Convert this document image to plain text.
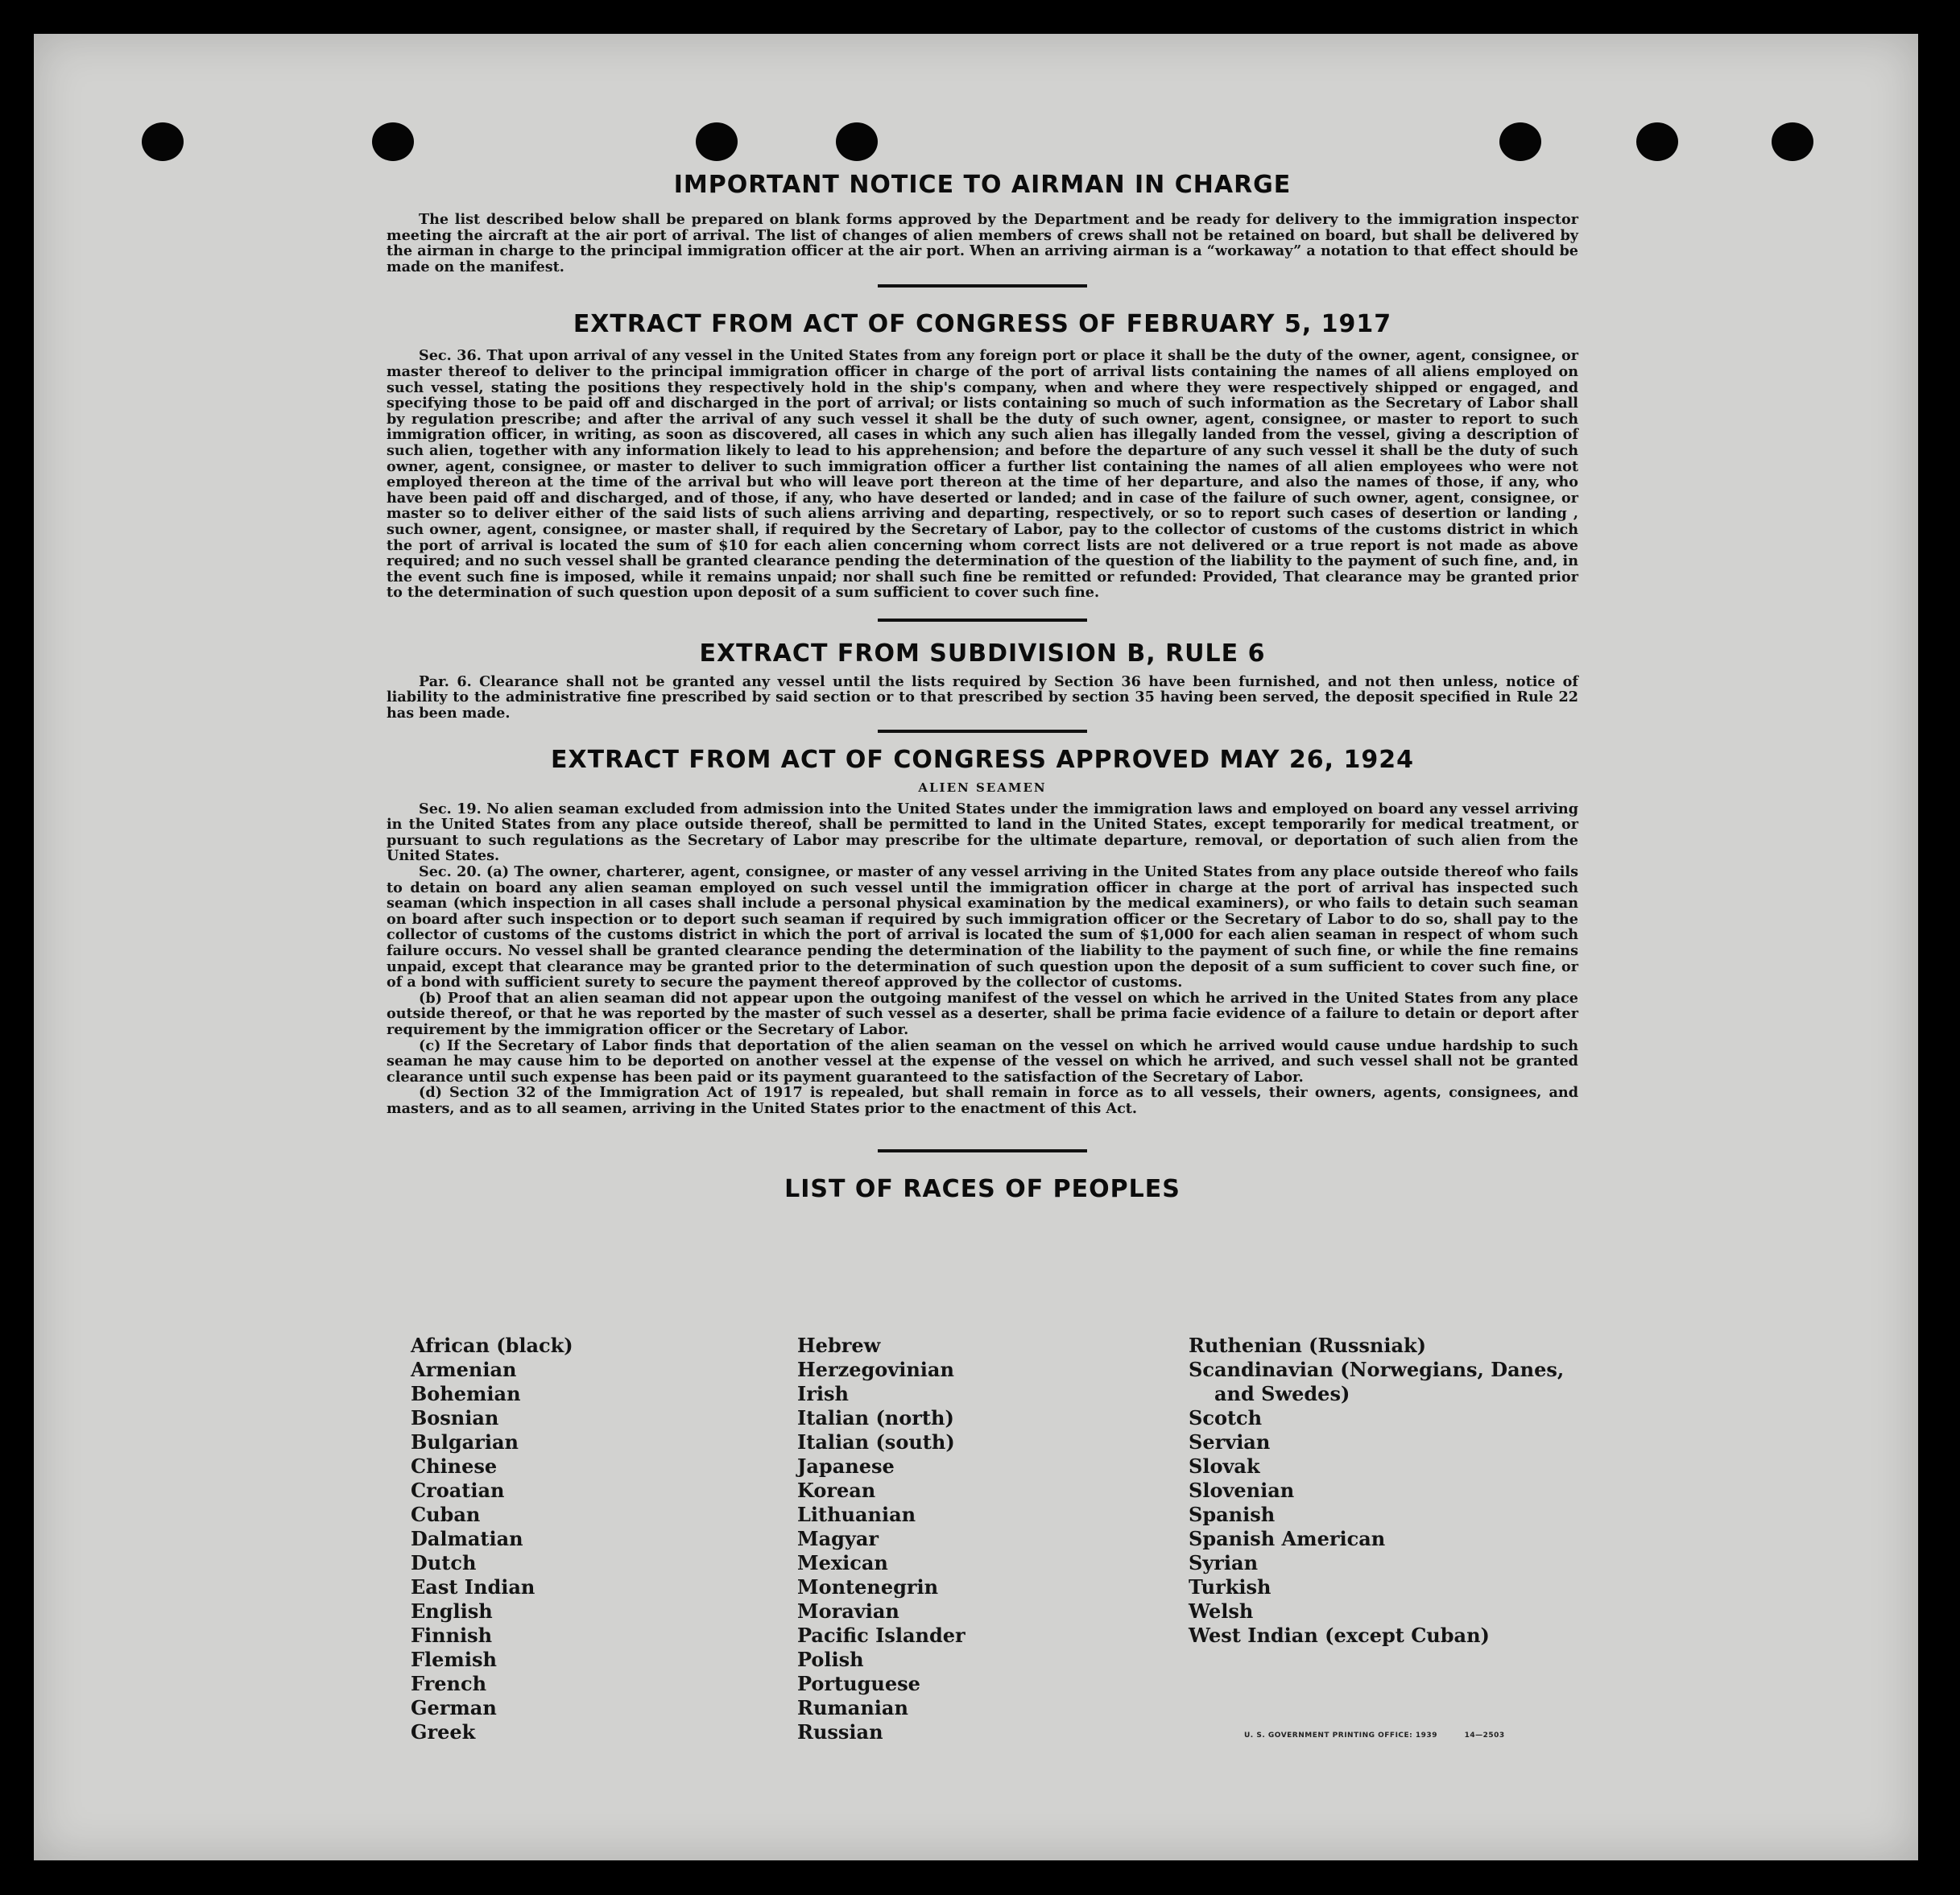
IMPORTANT NOTICE TO AIRMAN IN CHARGE

The list described below shall be prepared on blank forms approved by the Department and be ready for delivery to the immigration inspector meeting the aircraft at the air port of arrival. The list of changes of alien members of crews shall not be retained on board, but shall be delivered by the airman in charge to the principal immigration officer at the air port. When an arriving airman is a “workaway” a notation to that effect should be made on the manifest.

EXTRACT FROM ACT OF CONGRESS OF FEBRUARY 5, 1917

Sec. 36. That upon arrival of any vessel in the United States from any foreign port or place it shall be the duty of the owner, agent, consignee, or master thereof to deliver to the principal immigration officer in charge of the port of arrival lists containing the names of all aliens employed on such vessel, stating the positions they respectively hold in the ship's company, when and where they were respectively shipped or engaged, and specifying those to be paid off and discharged in the port of arrival; or lists containing so much of such information as the Secretary of Labor shall by regulation prescribe; and after the arrival of any such vessel it shall be the duty of such owner, agent, consignee, or master to report to such immigration officer, in writing, as soon as discovered, all cases in which any such alien has illegally landed from the vessel, giving a description of such alien, together with any information likely to lead to his apprehension; and before the departure of any such vessel it shall be the duty of such owner, agent, consignee, or master to deliver to such immigration officer a further list containing the names of all alien employees who were not employed thereon at the time of the arrival but who will leave port thereon at the time of her departure, and also the names of those, if any, who have been paid off and discharged, and of those, if any, who have deserted or landed; and in case of the failure of such owner, agent, consignee, or master so to deliver either of the said lists of such aliens arriving and departing, respectively, or so to report such cases of desertion or landing , such owner, agent, consignee, or master shall, if required by the Secretary of Labor, pay to the collector of customs of the customs district in which the port of arrival is located the sum of $10 for each alien concerning whom correct lists are not delivered or a true report is not made as above required; and no such vessel shall be granted clearance pending the determination of the question of the liability to the payment of such fine, and, in the event such fine is imposed, while it remains unpaid; nor shall such fine be remitted or refunded: Provided, That clearance may be granted prior to the determination of such question upon deposit of a sum sufficient to cover such fine.

EXTRACT FROM SUBDIVISION B, RULE 6

Par. 6. Clearance shall not be granted any vessel until the lists required by Section 36 have been furnished, and not then unless, notice of liability to the administrative fine prescribed by said section or to that prescribed by section 35 having been served, the deposit specified in Rule 22 has been made.

EXTRACT FROM ACT OF CONGRESS APPROVED MAY 26, 1924
ALIEN SEAMEN

Sec. 19. No alien seaman excluded from admission into the United States under the immigration laws and employed on board any vessel arriving in the United States from any place outside thereof, shall be permitted to land in the United States, except temporarily for medical treatment, or pursuant to such regulations as the Secretary of Labor may prescribe for the ultimate departure, removal, or deportation of such alien from the United States.

Sec. 20. (a) The owner, charterer, agent, consignee, or master of any vessel arriving in the United States from any place outside thereof who fails to detain on board any alien seaman employed on such vessel until the immigration officer in charge at the port of arrival has inspected such seaman (which inspection in all cases shall include a personal physical examination by the medical examiners), or who fails to detain such seaman on board after such inspection or to deport such seaman if required by such immigration officer or the Secretary of Labor to do so, shall pay to the collector of customs of the customs district in which the port of arrival is located the sum of $1,000 for each alien seaman in respect of whom such failure occurs. No vessel shall be granted clearance pending the determination of the liability to the payment of such fine, or while the fine remains unpaid, except that clearance may be granted prior to the determination of such question upon the deposit of a sum sufficient to cover such fine, or of a bond with sufficient surety to secure the payment thereof approved by the collector of customs.

(b) Proof that an alien seaman did not appear upon the outgoing manifest of the vessel on which he arrived in the United States from any place outside thereof, or that he was reported by the master of such vessel as a deserter, shall be prima facie evidence of a failure to detain or deport after requirement by the immigration officer or the Secretary of Labor.

(c) If the Secretary of Labor finds that deportation of the alien seaman on the vessel on which he arrived would cause undue hardship to such seaman he may cause him to be deported on another vessel at the expense of the vessel on which he arrived, and such vessel shall not be granted clearance until such expense has been paid or its payment guaranteed to the satisfaction of the Secretary of Labor.

(d) Section 32 of the Immigration Act of 1917 is repealed, but shall remain in force as to all vessels, their owners, agents, consignees, and masters, and as to all seamen, arriving in the United States prior to the enactment of this Act.

LIST OF RACES OF PEOPLES
African (black)
Armenian
Bohemian
Bosnian
Bulgarian
Chinese
Croatian
Cuban
Dalmatian
Dutch
East Indian
English
Finnish
Flemish
French
German
Greek
Hebrew
Herzegovinian
Irish
Italian (north)
Italian (south)
Japanese
Korean
Lithuanian
Magyar
Mexican
Montenegrin
Moravian
Pacific Islander
Polish
Portuguese
Rumanian
Russian
Ruthenian (Russniak)
Scandinavian (Norwegians, Danes,
and Swedes)
Scotch
Servian
Slovak
Slovenian
Spanish
Spanish American
Syrian
Turkish
Welsh
West Indian (except Cuban)
U. S. GOVERNMENT PRINTING OFFICE: 1939	14—2503
